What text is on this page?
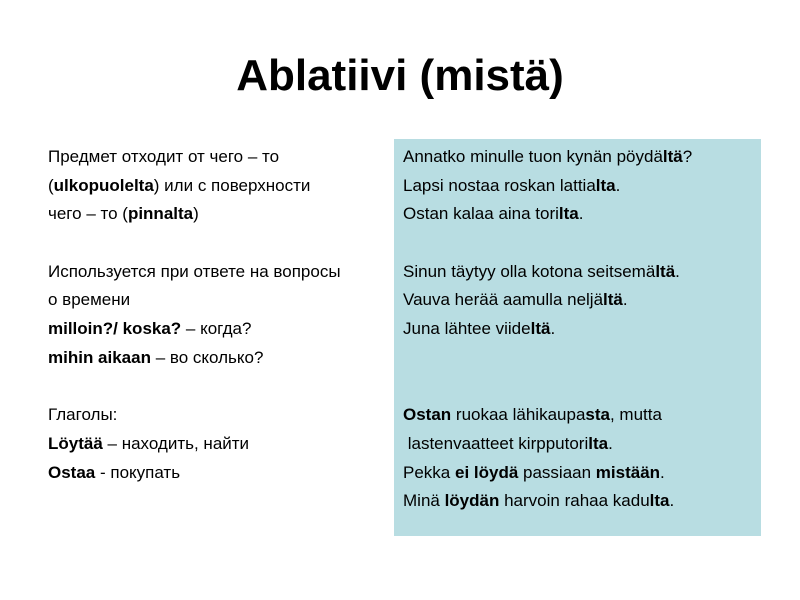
Ablatiivi (mistä)
Предмет отходит от чего – то
(ulkopuolelta) или с поверхности
чего – то (pinnalta)
Используется при ответе на вопросы
о времени
milloin?/ koska? – когда?
mihin aikaan – во сколько?
Глаголы:
Löytää – находить, найти
Ostaa - покупать
Annatko minulle tuon kynän pöydältä?
Lapsi nostaa roskan lattialta.
Ostan kalaa aina torilta.
Sinun täytyy olla kotona seitsemältä.
Vauva herää aamulla neljältä.
Juna lähtee viideltä.
Ostan ruokaa lähikaupasta, mutta
lastenvaatteet kirpputorilta.
Pekka ei löydä passiaan mistään.
Minä löydän harvoin rahaa kadulta.
